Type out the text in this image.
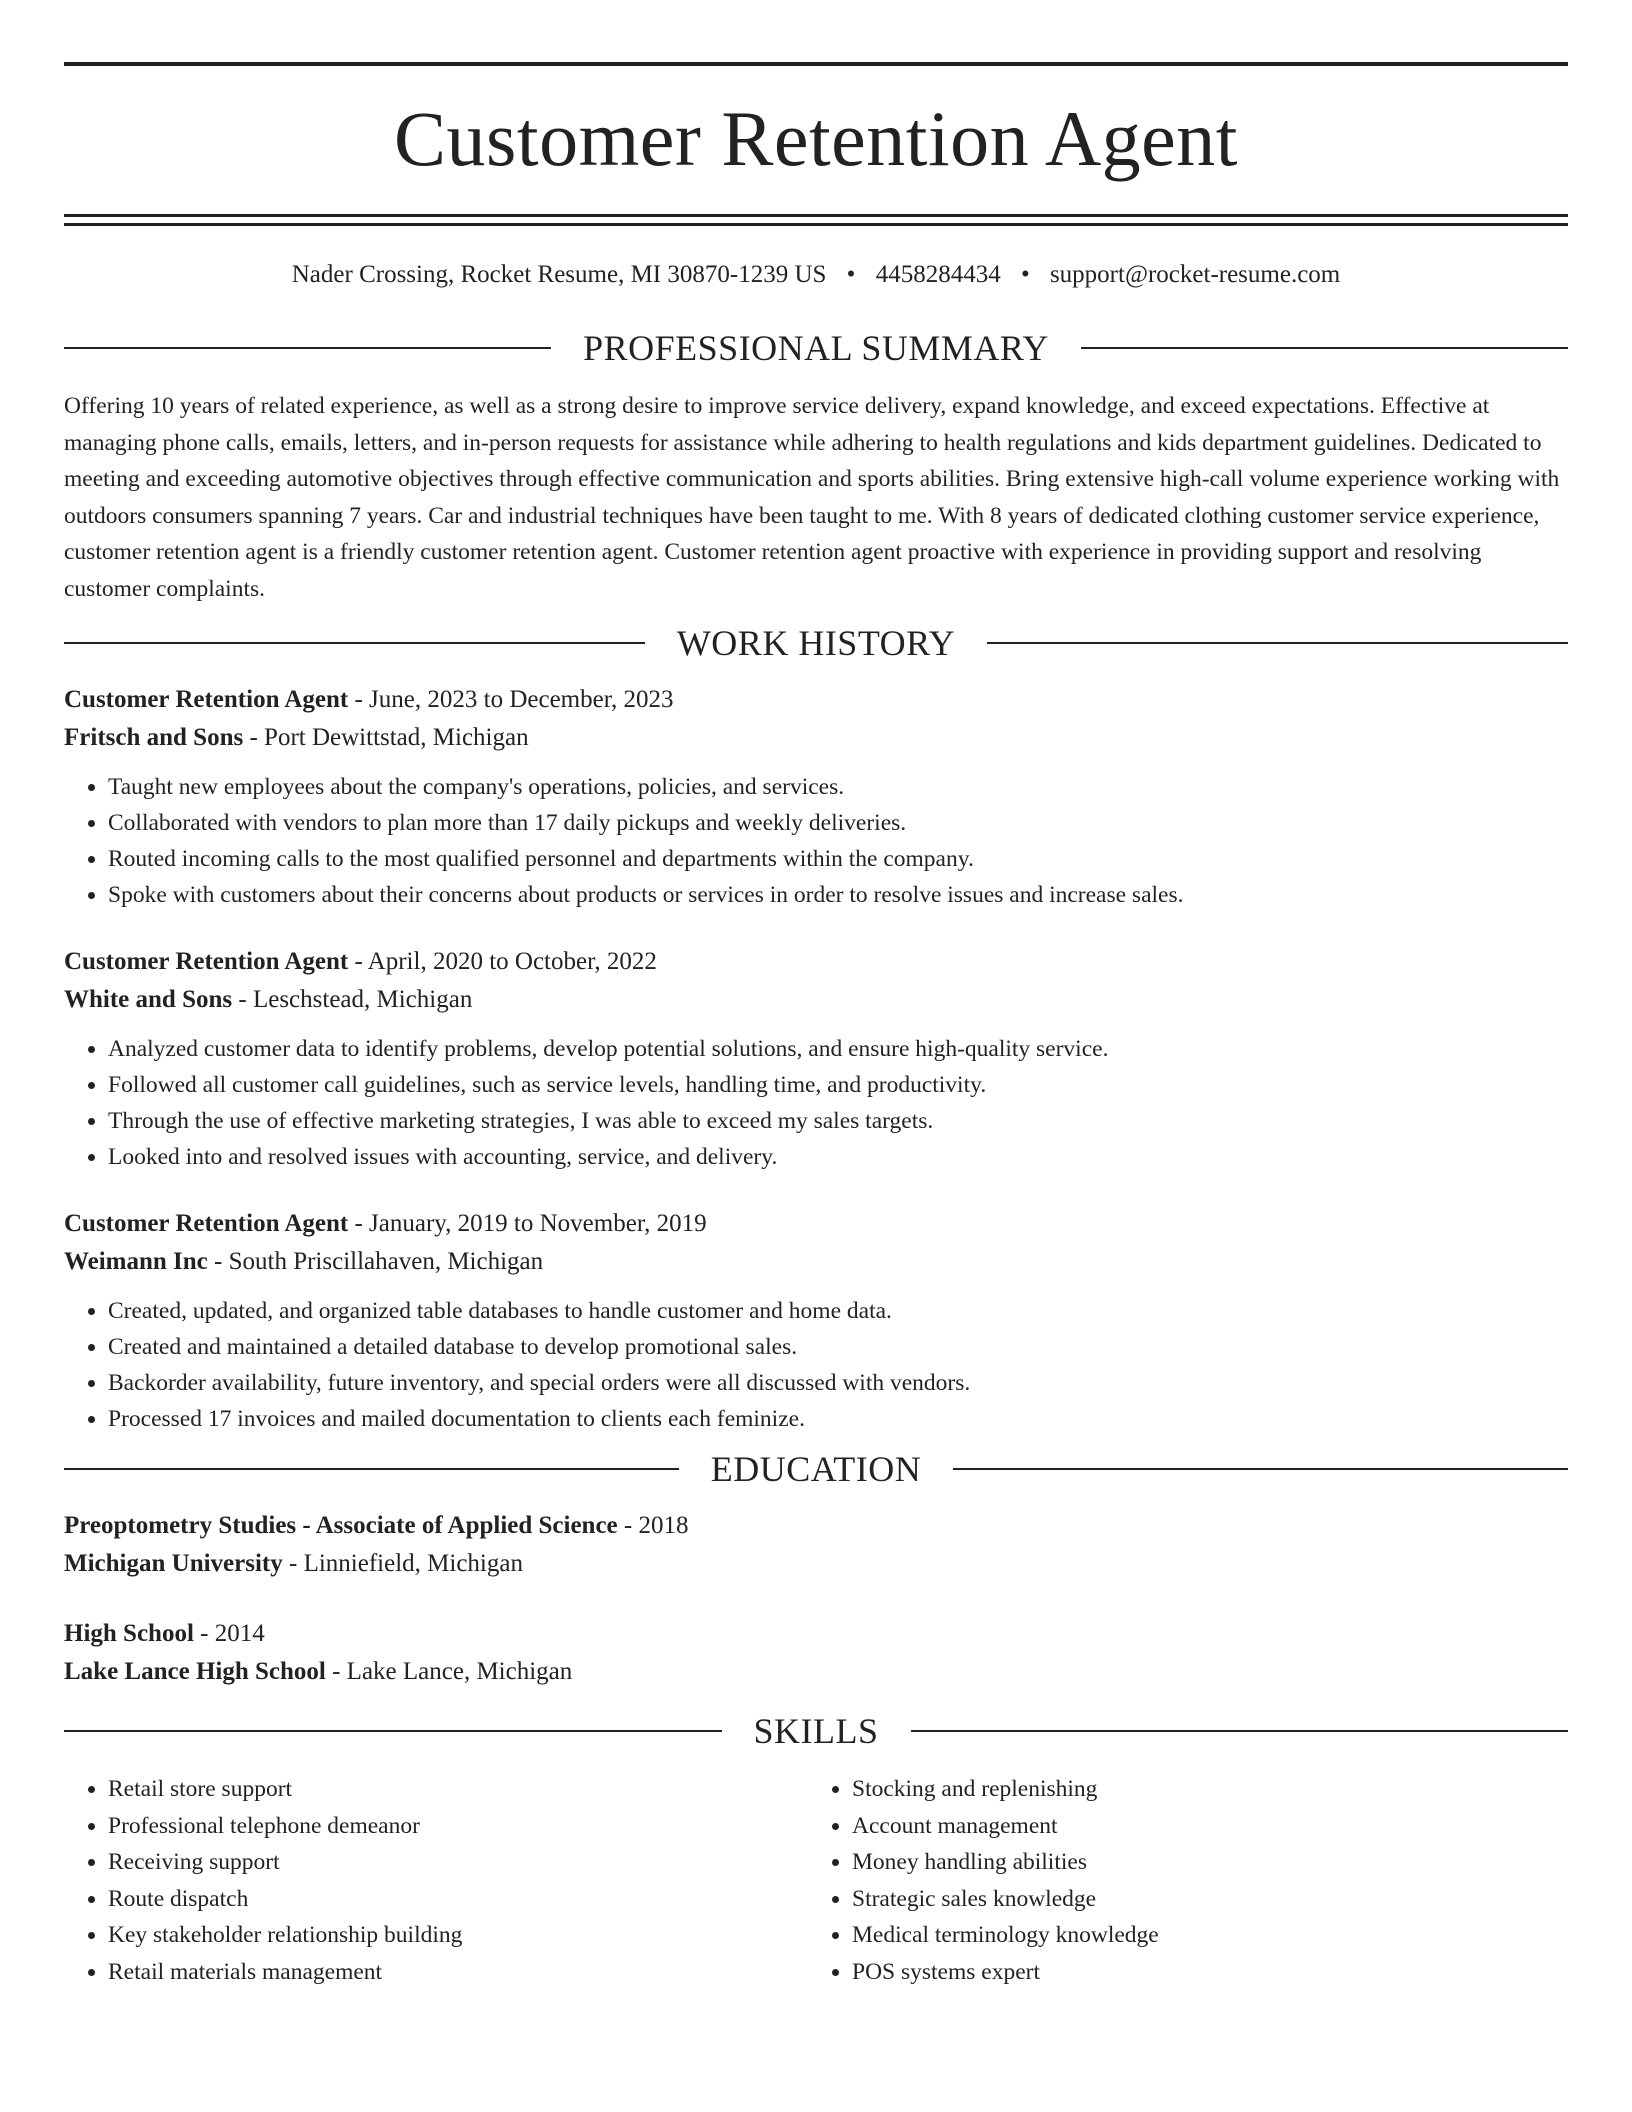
Customer Retention Agent
Nader Crossing, Rocket Resume, MI 30870-1239 US • 4458284434 • support@rocket-resume.com
PROFESSIONAL SUMMARY
Offering 10 years of related experience, as well as a strong desire to improve service delivery, expand knowledge, and exceed expectations. Effective at managing phone calls, emails, letters, and in-person requests for assistance while adhering to health regulations and kids department guidelines. Dedicated to meeting and exceeding automotive objectives through effective communication and sports abilities. Bring extensive high-call volume experience working with outdoors consumers spanning 7 years. Car and industrial techniques have been taught to me. With 8 years of dedicated clothing customer service experience, customer retention agent is a friendly customer retention agent. Customer retention agent proactive with experience in providing support and resolving customer complaints.
WORK HISTORY
Customer Retention Agent - June, 2023 to December, 2023
Fritsch and Sons - Port Dewittstad, Michigan
• Taught new employees about the company's operations, policies, and services.
• Collaborated with vendors to plan more than 17 daily pickups and weekly deliveries.
• Routed incoming calls to the most qualified personnel and departments within the company.
• Spoke with customers about their concerns about products or services in order to resolve issues and increase sales.
Customer Retention Agent - April, 2020 to October, 2022
White and Sons - Leschstead, Michigan
• Analyzed customer data to identify problems, develop potential solutions, and ensure high-quality service.
• Followed all customer call guidelines, such as service levels, handling time, and productivity.
• Through the use of effective marketing strategies, I was able to exceed my sales targets.
• Looked into and resolved issues with accounting, service, and delivery.
Customer Retention Agent - January, 2019 to November, 2019
Weimann Inc - South Priscillahaven, Michigan
• Created, updated, and organized table databases to handle customer and home data.
• Created and maintained a detailed database to develop promotional sales.
• Backorder availability, future inventory, and special orders were all discussed with vendors.
• Processed 17 invoices and mailed documentation to clients each feminize.
EDUCATION
Preoptometry Studies - Associate of Applied Science - 2018
Michigan University - Linniefield, Michigan
High School - 2014
Lake Lance High School - Lake Lance, Michigan
SKILLS
• Retail store support
• Professional telephone demeanor
• Receiving support
• Route dispatch
• Key stakeholder relationship building
• Retail materials management
• Stocking and replenishing
• Account management
• Money handling abilities
• Strategic sales knowledge
• Medical terminology knowledge
• POS systems expert
